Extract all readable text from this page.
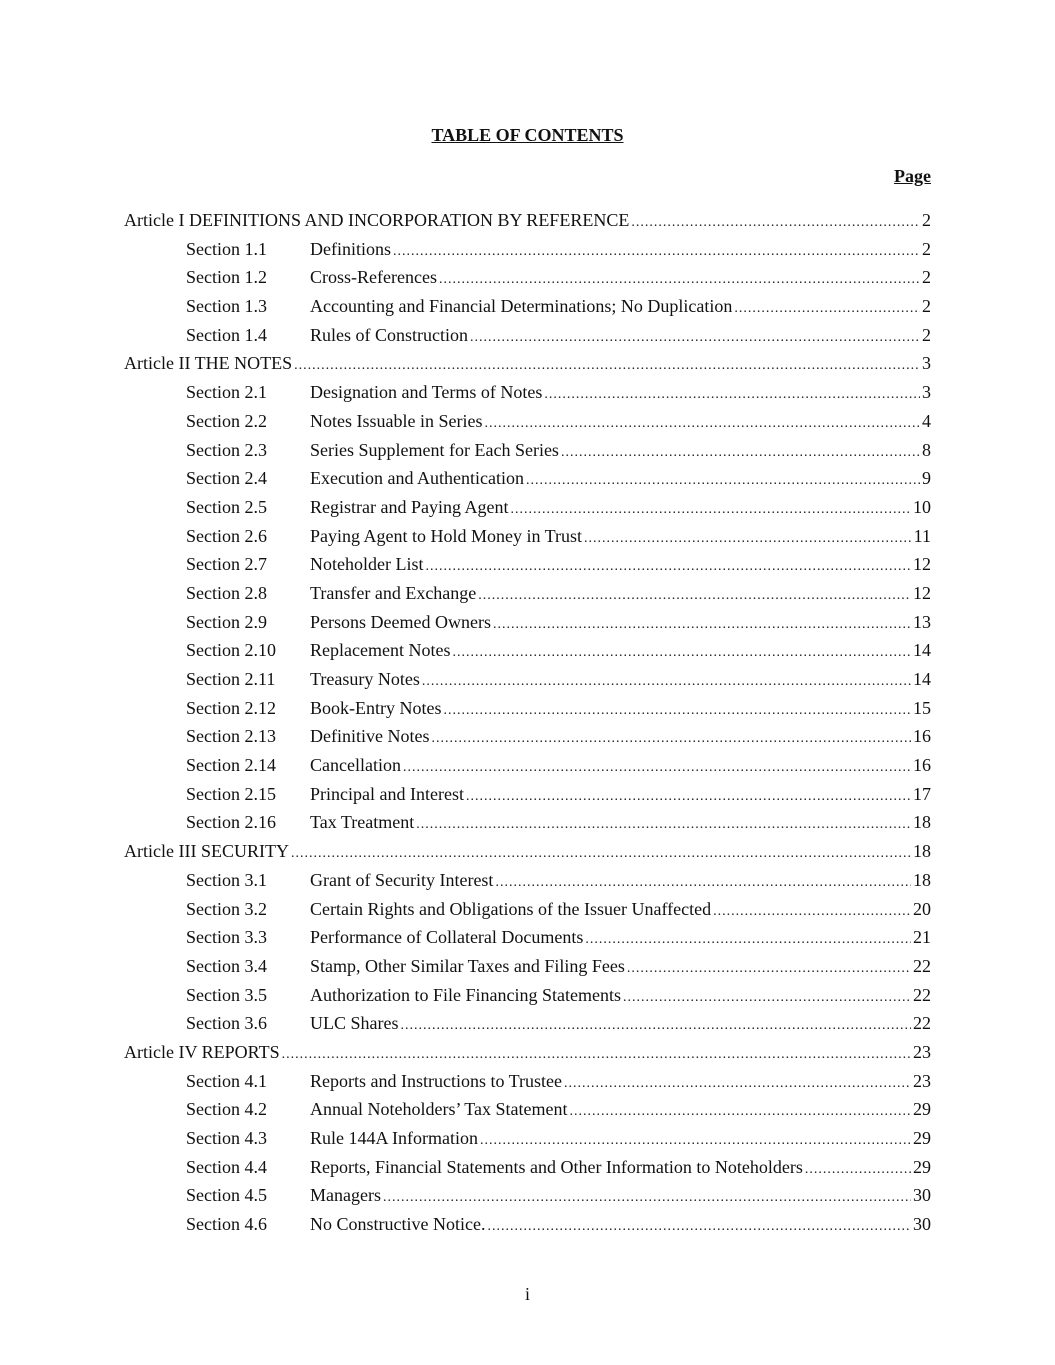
TABLE OF CONTENTS
Page
Article I DEFINITIONS AND INCORPORATION BY REFERENCE .....	2
Section 1.1	Definitions .....	2
Section 1.2	Cross-References .....	2
Section 1.3	Accounting and Financial Determinations; No Duplication .....	2
Section 1.4	Rules of Construction .....	2
Article II THE NOTES .....	3
Section 2.1	Designation and Terms of Notes .....	3
Section 2.2	Notes Issuable in Series .....	4
Section 2.3	Series Supplement for Each Series .....	8
Section 2.4	Execution and Authentication .....	9
Section 2.5	Registrar and Paying Agent .....	10
Section 2.6	Paying Agent to Hold Money in Trust .....	11
Section 2.7	Noteholder List .....	12
Section 2.8	Transfer and Exchange .....	12
Section 2.9	Persons Deemed Owners .....	13
Section 2.10	Replacement Notes .....	14
Section 2.11	Treasury Notes .....	14
Section 2.12	Book-Entry Notes .....	15
Section 2.13	Definitive Notes .....	16
Section 2.14	Cancellation .....	16
Section 2.15	Principal and Interest .....	17
Section 2.16	Tax Treatment .....	18
Article III SECURITY .....	18
Section 3.1	Grant of Security Interest .....	18
Section 3.2	Certain Rights and Obligations of the Issuer Unaffected .....	20
Section 3.3	Performance of Collateral Documents .....	21
Section 3.4	Stamp, Other Similar Taxes and Filing Fees .....	22
Section 3.5	Authorization to File Financing Statements .....	22
Section 3.6	ULC Shares .....	22
Article IV REPORTS .....	23
Section 4.1	Reports and Instructions to Trustee .....	23
Section 4.2	Annual Noteholders’ Tax Statement .....	29
Section 4.3	Rule 144A Information .....	29
Section 4.4	Reports, Financial Statements and Other Information to Noteholders .....	29
Section 4.5	Managers .....	30
Section 4.6	No Constructive Notice. .....	30
i
